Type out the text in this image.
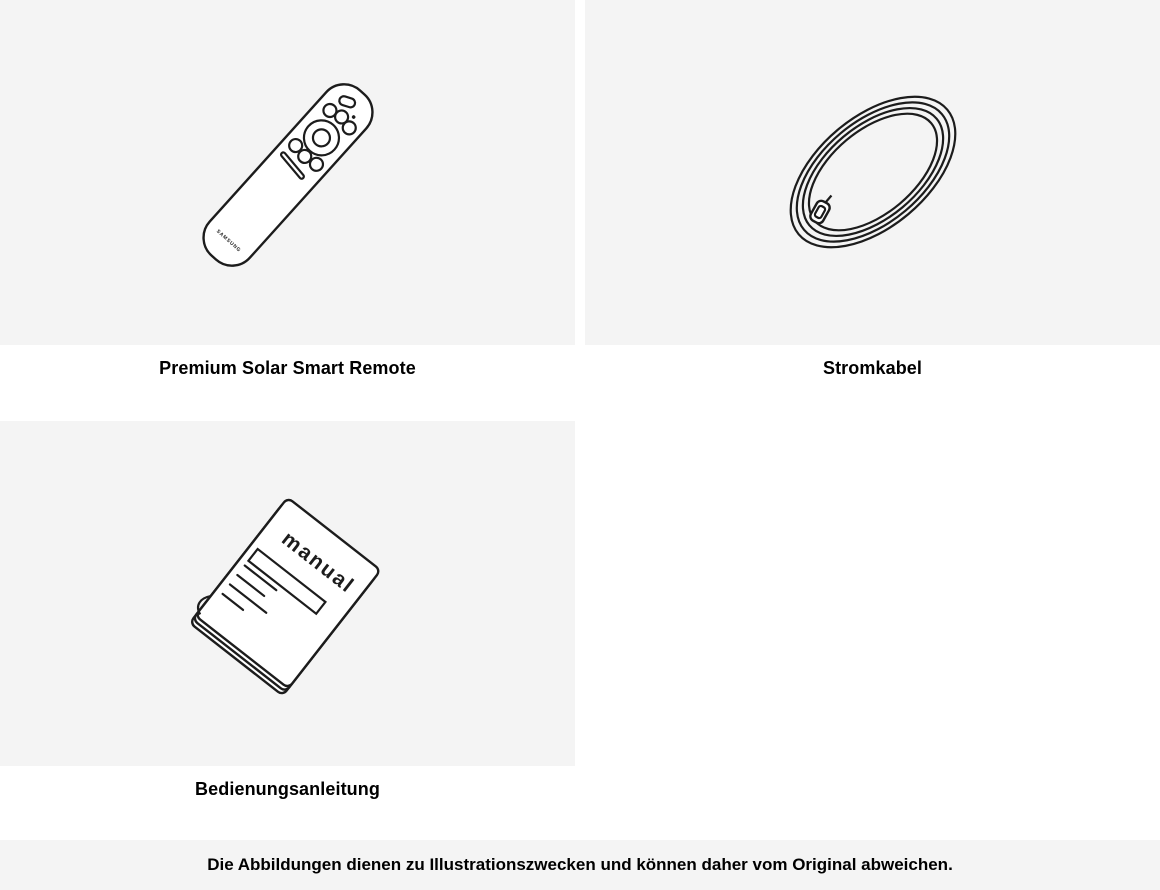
SAMSUNG
Premium Solar Smart Remote	Stromkabel
manual
Bedienungsanleitung
Die Abbildungen dienen zu Illustrationszwecken und können daher vom Original abweichen.
